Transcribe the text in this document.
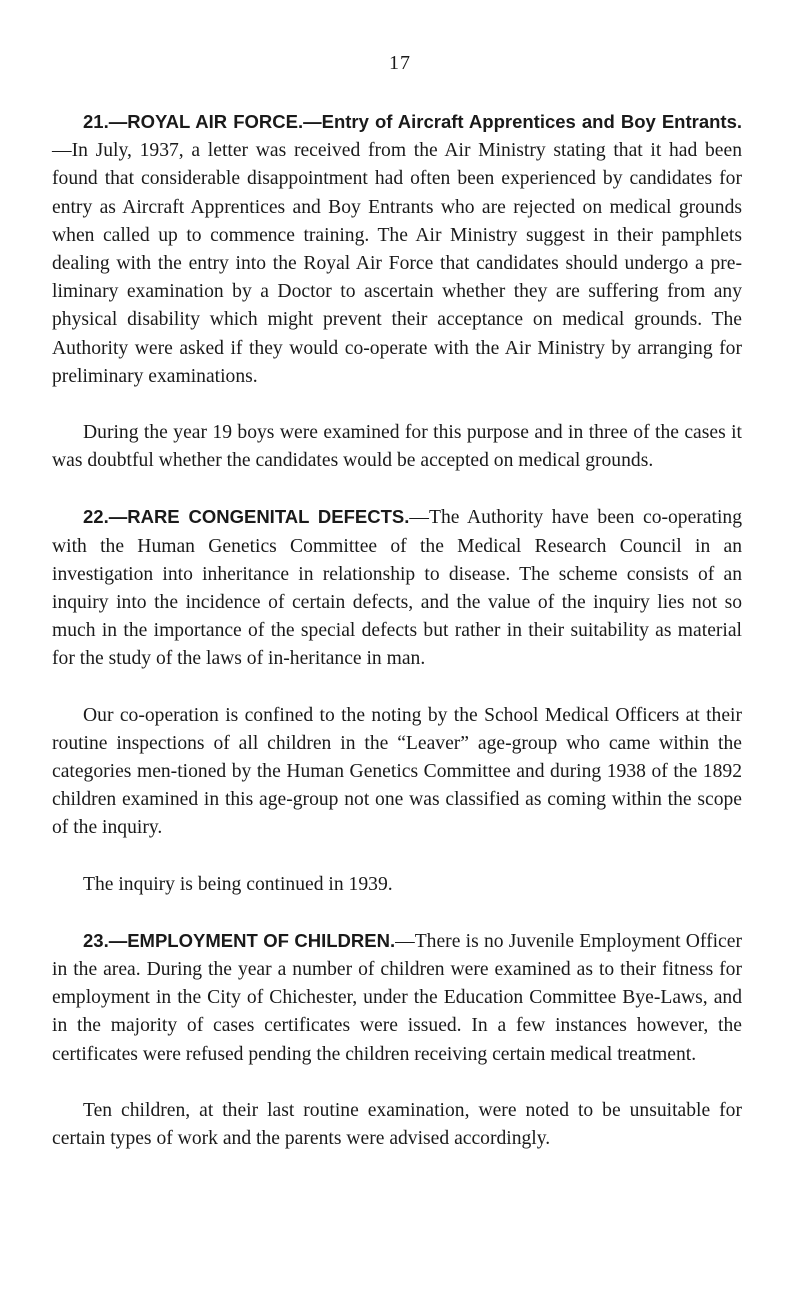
17

21.—ROYAL AIR FORCE.—Entry of Aircraft Apprentices and Boy Entrants.—In July, 1937, a letter was received from the Air Ministry stating that it had been found that considerable disappointment had often been experienced by candidates for entry as Aircraft Apprentices and Boy Entrants who are rejected on medical grounds when called up to commence training. The Air Ministry suggest in their pamphlets dealing with the entry into the Royal Air Force that candidates should undergo a pre-liminary examination by a Doctor to ascertain whether they are suffering from any physical disability which might prevent their acceptance on medical grounds. The Authority were asked if they would co-operate with the Air Ministry by arranging for preliminary examinations.

During the year 19 boys were examined for this purpose and in three of the cases it was doubtful whether the candidates would be accepted on medical grounds.

22.—RARE CONGENITAL DEFECTS.—The Authority have been co-operating with the Human Genetics Committee of the Medical Research Council in an investigation into inheritance in relationship to disease. The scheme consists of an inquiry into the incidence of certain defects, and the value of the inquiry lies not so much in the importance of the special defects but rather in their suitability as material for the study of the laws of in-heritance in man.

Our co-operation is confined to the noting by the School Medical Officers at their routine inspections of all children in the “Leaver” age-group who came within the categories men-tioned by the Human Genetics Committee and during 1938 of the 1892 children examined in this age-group not one was classified as coming within the scope of the inquiry.

The inquiry is being continued in 1939.

23.—EMPLOYMENT OF CHILDREN.—There is no Juvenile Employment Officer in the area. During the year a number of children were examined as to their fitness for employment in the City of Chichester, under the Education Committee Bye-Laws, and in the majority of cases certificates were issued. In a few instances however, the certificates were refused pending the children receiving certain medical treatment.

Ten children, at their last routine examination, were noted to be unsuitable for certain types of work and the parents were advised accordingly.
